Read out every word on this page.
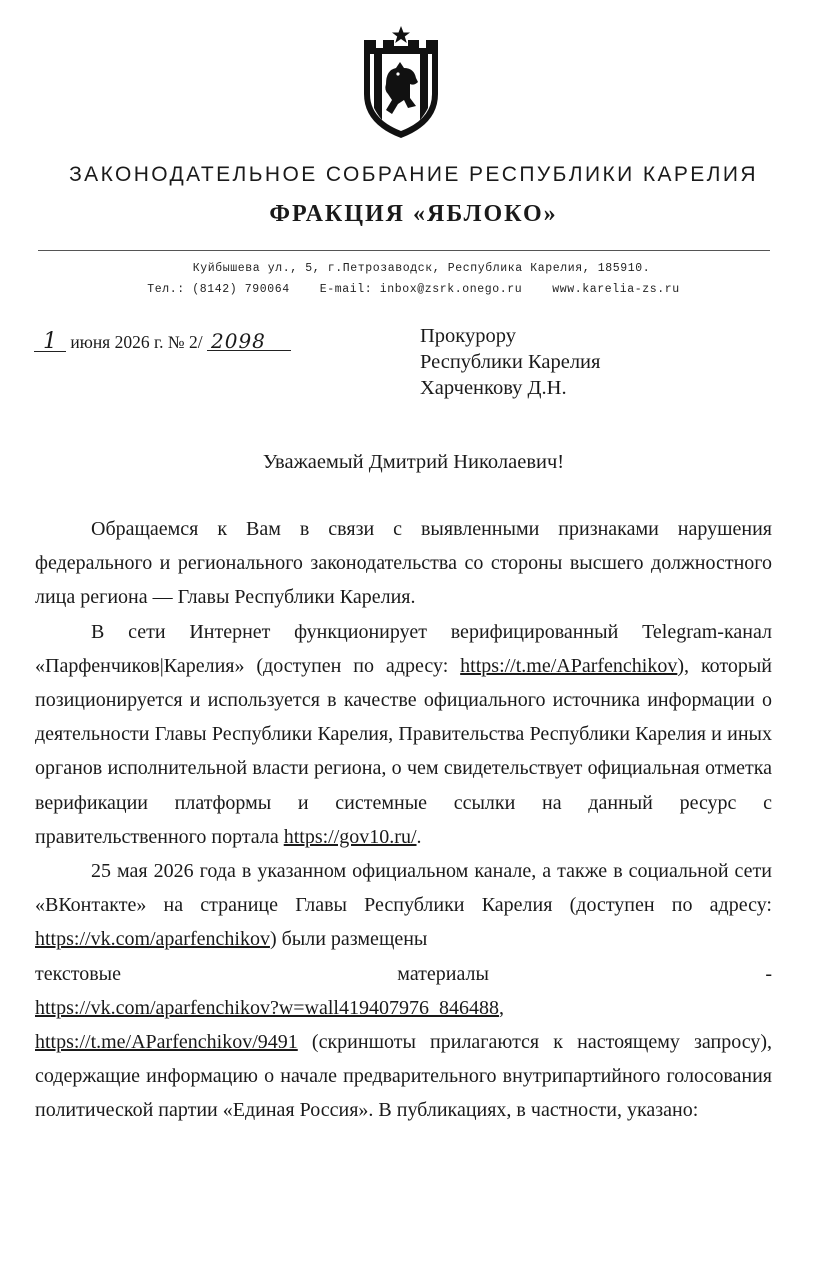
ЗАКОНОДАТЕЛЬНОЕ СОБРАНИЕ РЕСПУБЛИКИ КАРЕЛИЯ
ФРАКЦИЯ «ЯБЛОКО»
Куйбышева ул., 5, г.Петрозаводск, Республика Карелия, 185910.
Тел.: (8142) 790064    E-mail: inbox@zsrk.onego.ru    www.karelia-zs.ru
1 июня 2026 г. № 2/ 2098	Прокурору
Республики Карелия
Харченкову Д.Н.
Уважаемый Дмитрий Николаевич!

Обращаемся к Вам в связи с выявленными признаками нарушения федерального и регионального законодательства со стороны высшего должностного лица региона — Главы Республики Карелия.

В сети Интернет функционирует верифицированный Telegram-канал «Парфенчиков|Карелия» (доступен по адресу: https://t.me/AParfenchikov), который позиционируется и используется в качестве официального источника информации о деятельности Главы Республики Карелия, Правительства Республики Карелия и иных органов исполнительной власти региона, о чем свидетельствует официальная отметка верификации платформы и системные ссылки на данный ресурс с правительственного портала https://gov10.ru/.

25 мая 2026 года в указанном официальном канале, а также в социальной сети «ВКонтакте» на странице Главы Республики Карелия (доступен по адресу: https://vk.com/aparfenchikov) были размещены

текстовые	материалы	-
https://vk.com/aparfenchikov?w=wall419407976_846488,
https://t.me/AParfenchikov/9491 (скриншоты прилагаются к настоящему запросу), содержащие информацию о начале предварительного внутрипартийного голосования политической партии «Единая Россия». В публикациях, в частности, указано:
